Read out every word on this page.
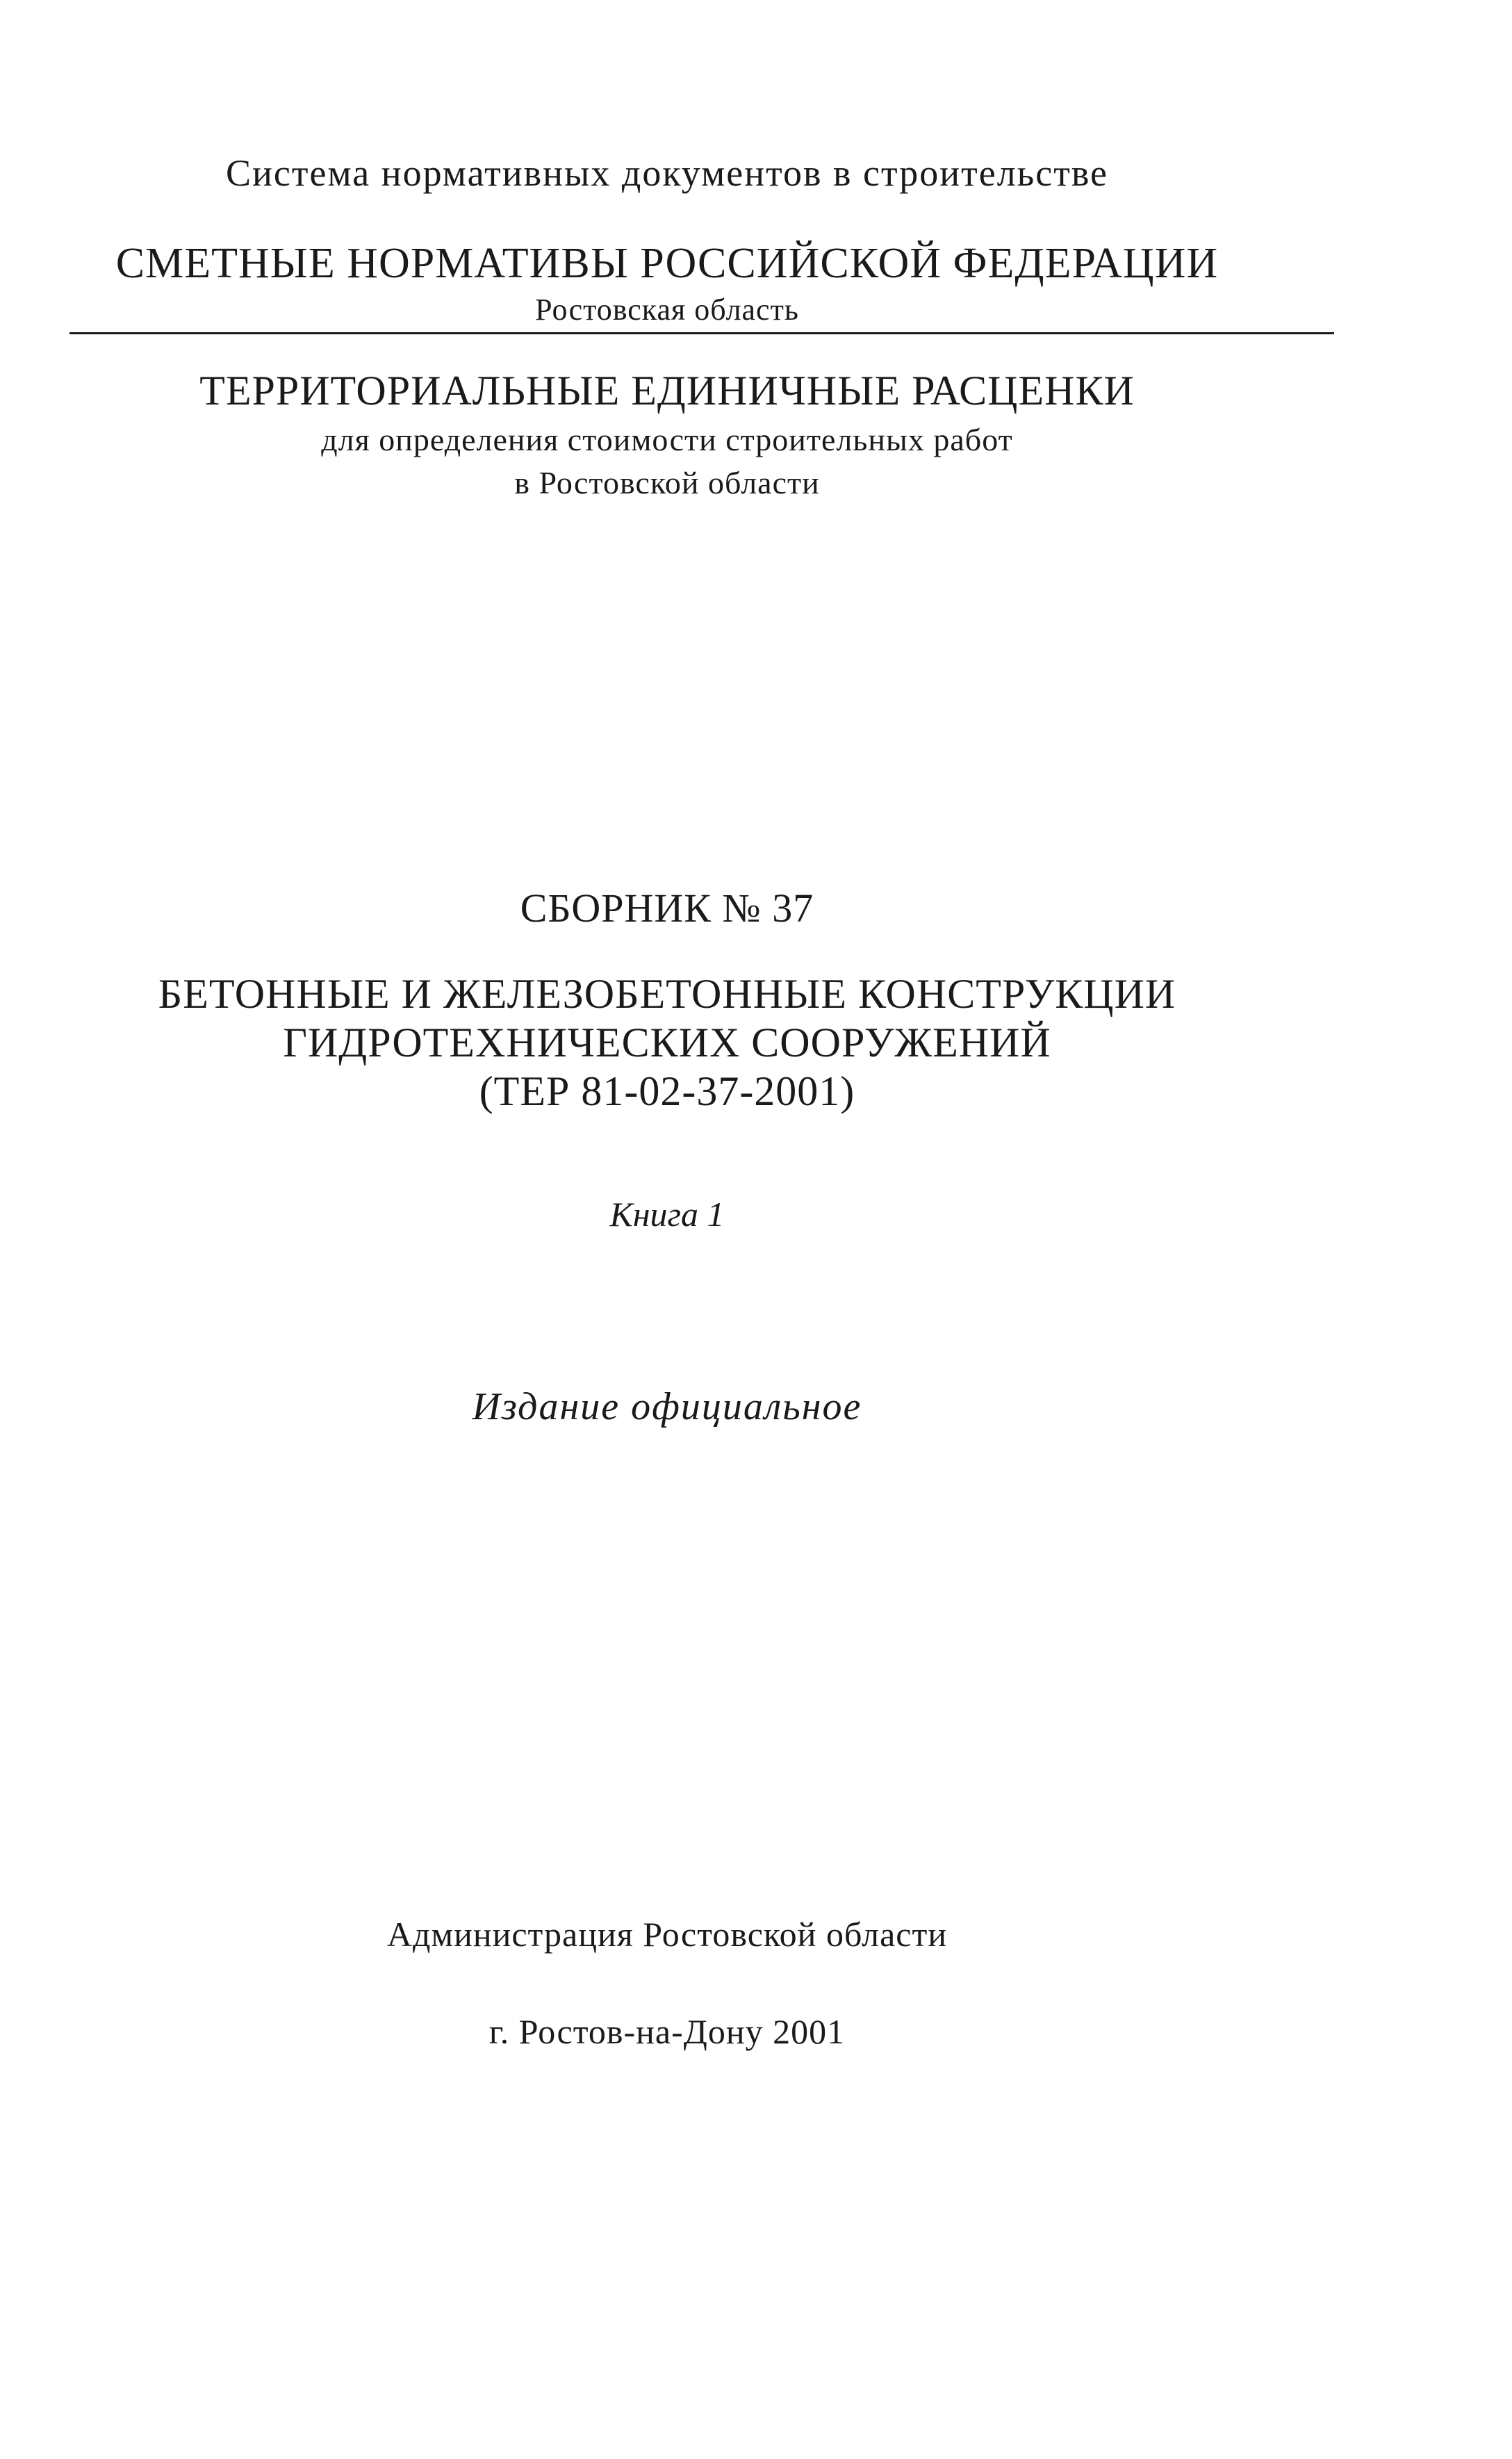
Система нормативных документов в строительстве
СМЕТНЫЕ НОРМАТИВЫ РОССИЙСКОЙ ФЕДЕРАЦИИ
Ростовская область
ТЕРРИТОРИАЛЬНЫЕ ЕДИНИЧНЫЕ РАСЦЕНКИ
для определения стоимости строительных работ
в Ростовской области
СБОРНИК № 37
БЕТОННЫЕ И ЖЕЛЕЗОБЕТОННЫЕ КОНСТРУКЦИИ
ГИДРОТЕХНИЧЕСКИХ СООРУЖЕНИЙ
(ТЕР 81-02-37-2001)
Книга 1
Издание официальное
Администрация Ростовской области
г. Ростов-на-Дону 2001
